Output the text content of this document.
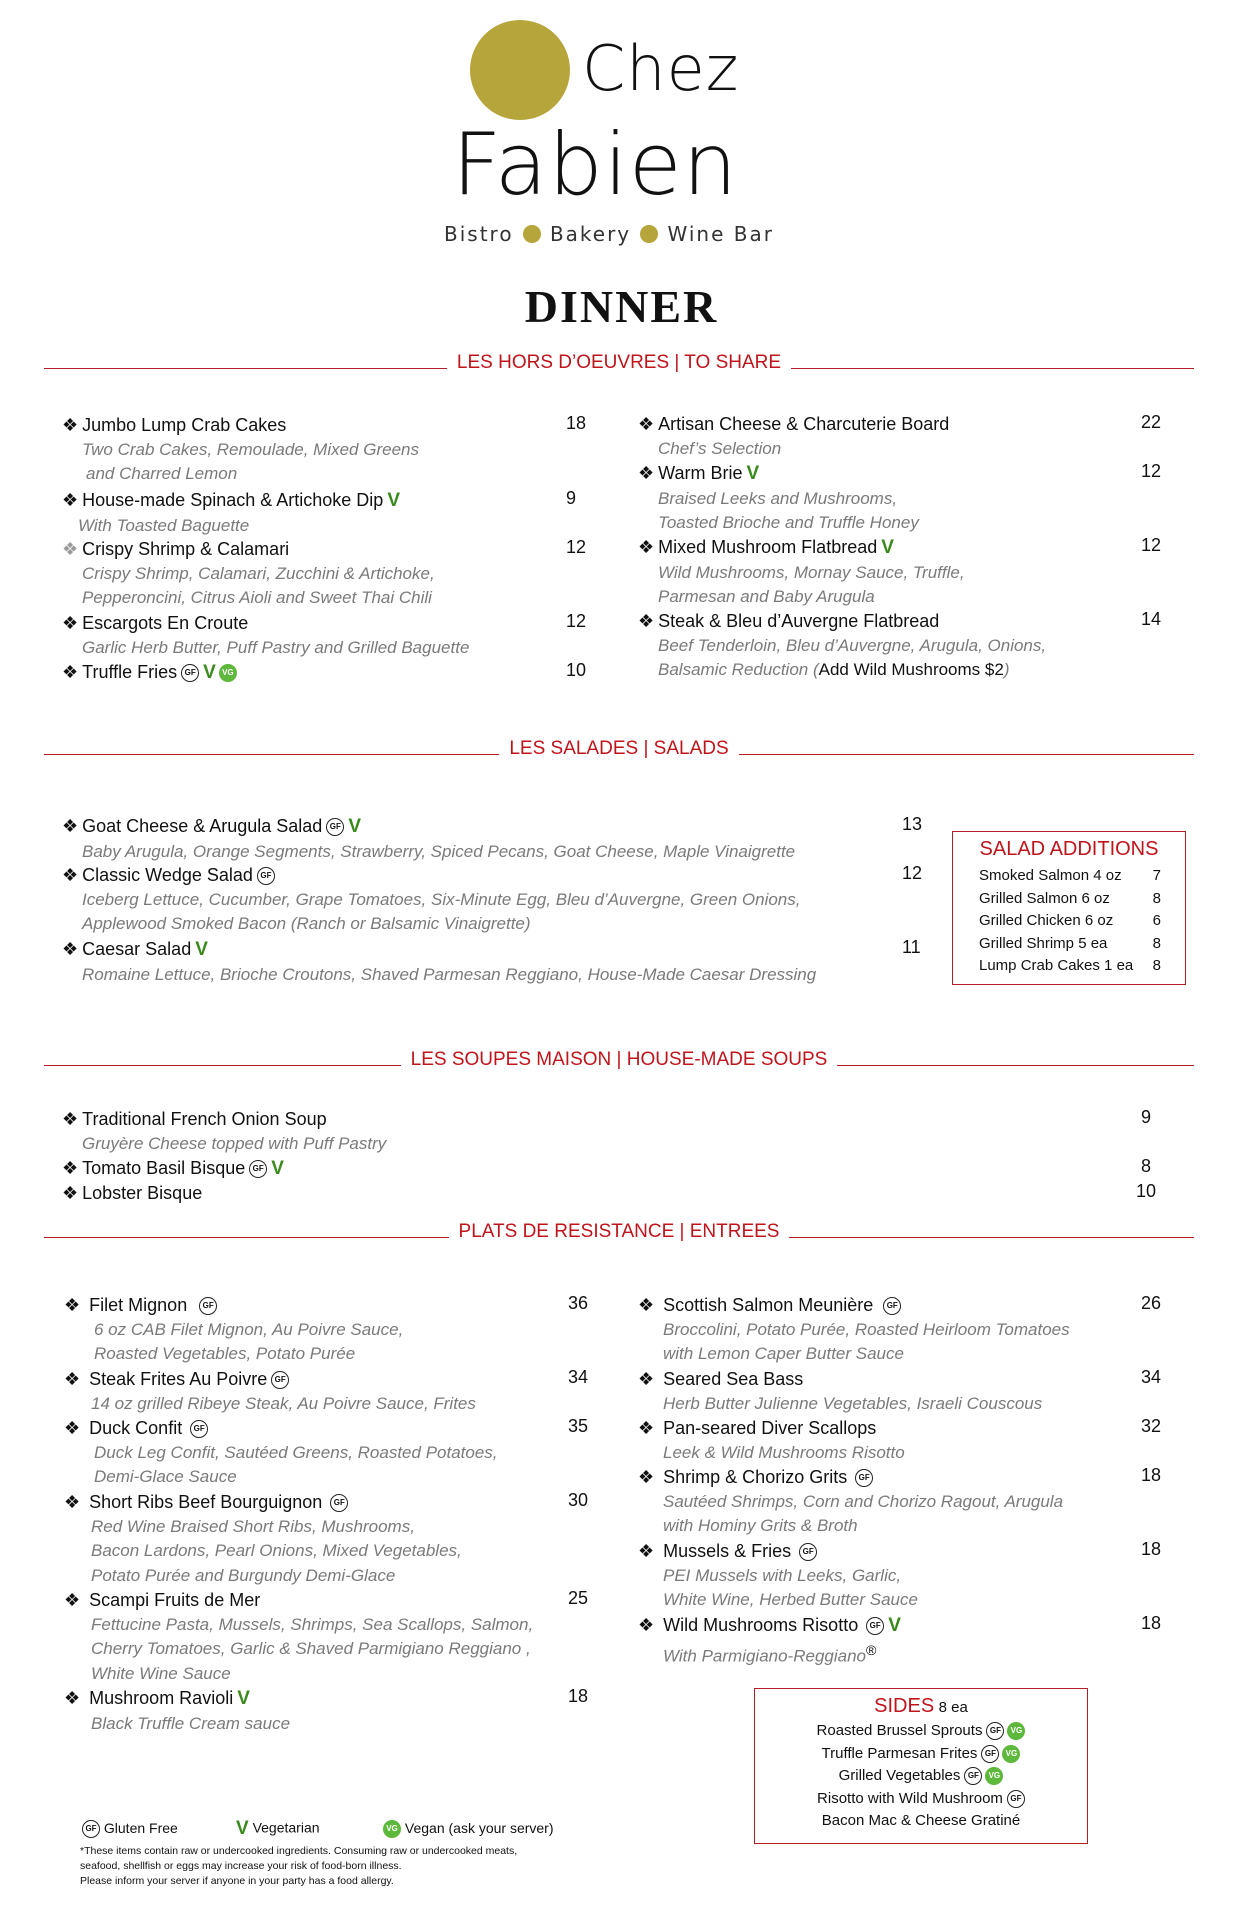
Chez
Fabien
Bistro Bakery Wine Bar
DINNER
LES HORS D’OEUVRES | TO SHARE
LES SALADES | SALADS
LES SOUPES MAISON | HOUSE-MADE SOUPS
PLATS DE RESISTANCE | ENTREES
❖ Jumbo Lump Crab Cakes
Two Crab Cakes, Remoulade, Mixed Greens
and Charred Lemon
18
❖ House-made Spinach & Artichoke Dip V
With Toasted Baguette
9
❖ Crispy Shrimp & Calamari
Crispy Shrimp, Calamari, Zucchini & Artichoke,
Pepperoncini, Citrus Aioli and Sweet Thai Chili
12
❖ Escargots En Croute
Garlic Herb Butter, Puff Pastry and Grilled Baguette
12
❖ Truffle Fries GF V VG	10
❖ Artisan Cheese & Charcuterie Board
Chef’s Selection
22
❖ Warm Brie V
Braised Leeks and Mushrooms,
Toasted Brioche and Truffle Honey
12
❖ Mixed Mushroom Flatbread V
Wild Mushrooms, Mornay Sauce, Truffle,
Parmesan and Baby Arugula
12
❖ Steak & Bleu d’Auvergne Flatbread
Beef Tenderloin, Bleu d’Auvergne, Arugula, Onions,
Balsamic Reduction (Add Wild Mushrooms $2)
14
❖ Goat Cheese & Arugula Salad GF V
Baby Arugula, Orange Segments, Strawberry, Spiced Pecans, Goat Cheese, Maple Vinaigrette
13
❖ Classic Wedge Salad GF
Iceberg Lettuce, Cucumber, Grape Tomatoes, Six-Minute Egg, Bleu d’Auvergne, Green Onions,
Applewood Smoked Bacon (Ranch or Balsamic Vinaigrette)
12
❖ Caesar Salad V
Romaine Lettuce, Brioche Croutons, Shaved Parmesan Reggiano, House-Made Caesar Dressing
11
SALAD ADDITIONS
Smoked Salmon 4 oz 7
Grilled Salmon 6 oz	8
Grilled Chicken 6 oz	6
Grilled Shrimp 5 ea	8
Lump Crab Cakes 1 ea 8
❖ Traditional French Onion Soup
Gruyère Cheese topped with Puff Pastry
9
❖ Tomato Basil Bisque GF V	8
❖ Lobster Bisque	10
❖ Filet Mignon GF
6 oz CAB Filet Mignon, Au Poivre Sauce,
Roasted Vegetables, Potato Purée
36
❖ Steak Frites Au Poivre GF
14 oz grilled Ribeye Steak, Au Poivre Sauce, Frites
34
❖ Duck Confit GF
Duck Leg Confit, Sautéed Greens, Roasted Potatoes,
Demi-Glace Sauce
35
❖ Short Ribs Beef Bourguignon GF
Red Wine Braised Short Ribs, Mushrooms,
Bacon Lardons, Pearl Onions, Mixed Vegetables,
Potato Purée and Burgundy Demi-Glace
30
❖ Scampi Fruits de Mer
Fettucine Pasta, Mussels, Shrimps, Sea Scallops, Salmon,
Cherry Tomatoes, Garlic & Shaved Parmigiano Reggiano ,
White Wine Sauce
25
❖ Mushroom Ravioli V
Black Truffle Cream sauce
18
❖ Scottish Salmon Meunière GF
Broccolini, Potato Purée, Roasted Heirloom Tomatoes
with Lemon Caper Butter Sauce
26
❖ Seared Sea Bass
Herb Butter Julienne Vegetables, Israeli Couscous
34
❖ Pan-seared Diver Scallops
Leek & Wild Mushrooms Risotto
32
❖ Shrimp & Chorizo Grits GF
Sautéed Shrimps, Corn and Chorizo Ragout, Arugula
with Hominy Grits & Broth
18
❖ Mussels & Fries GF
PEI Mussels with Leeks, Garlic,
White Wine, Herbed Butter Sauce
18
❖ Wild Mushrooms Risotto GF V
With Parmigiano-Reggiano®
18
SIDES 8 ea
Roasted Brussel Sprouts GF VG
Truffle Parmesan Frites GF VG
Grilled Vegetables GF VG
Risotto with Wild Mushroom GF
Bacon Mac & Cheese Gratiné
GF Gluten Free	V Vegetarian	VG Vegan (ask your server)
*These items contain raw or undercooked ingredients. Consuming raw or undercooked meats,
seafood, shellfish or eggs may increase your risk of food-born illness.
Please inform your server if anyone in your party has a food allergy.
